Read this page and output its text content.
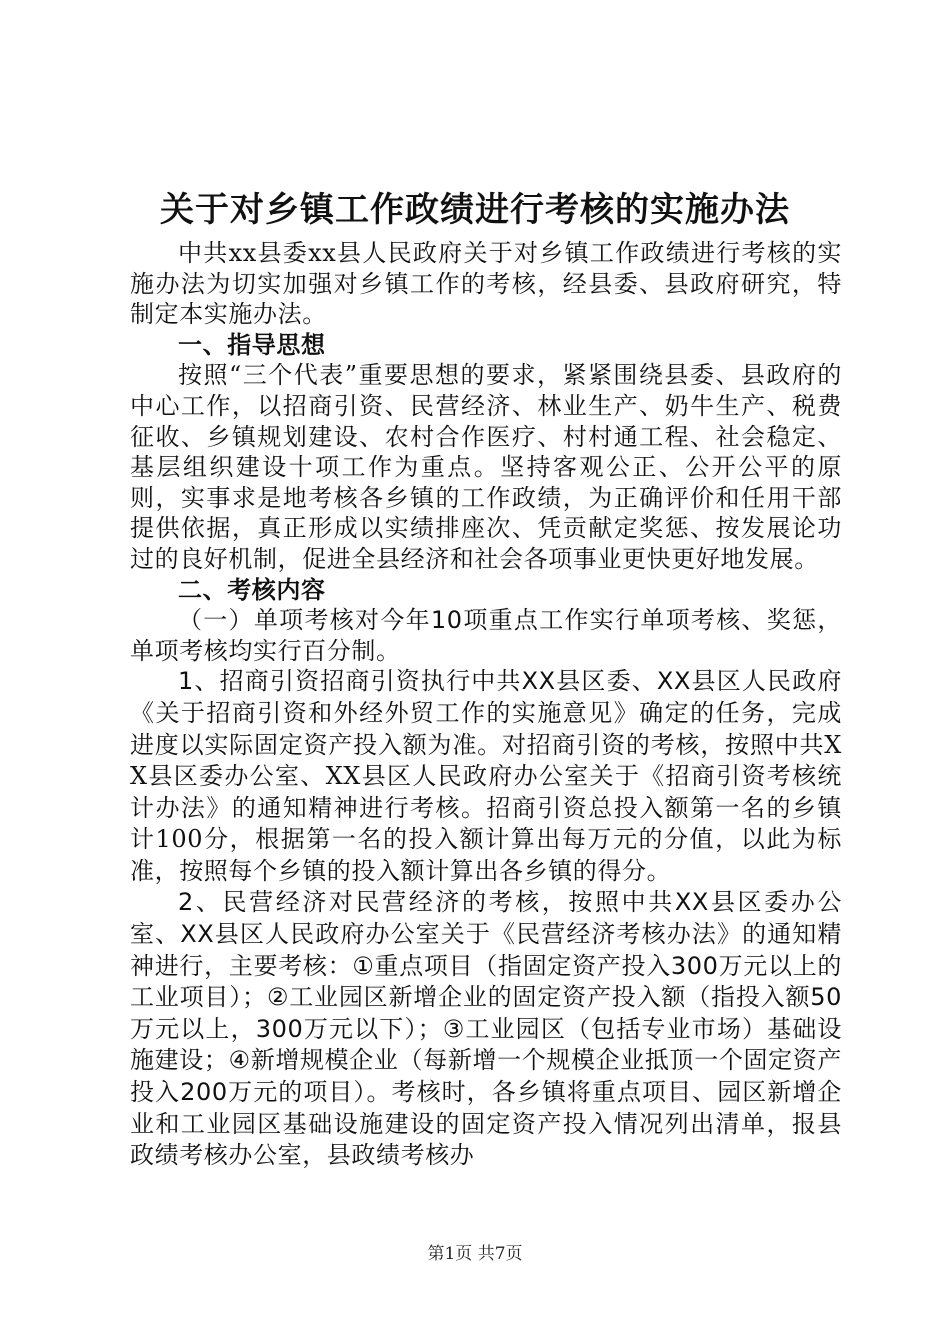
关于对乡镇工作政绩进行考核的实施办法

中共xx县委xx县人民政府关于对乡镇工作政绩进行考核的实施办法为切实加强对乡镇工作的考核，经县委、县政府研究，特制定本实施办法。

一、指导思想

按照“三个代表”重要思想的要求，紧紧围绕县委、县政府的中心工作，以招商引资、民营经济、林业生产、奶牛生产、税费征收、乡镇规划建设、农村合作医疗、村村通工程、社会稳定、基层组织建设十项工作为重点。坚持客观公正、公开公平的原则，实事求是地考核各乡镇的工作政绩，为正确评价和任用干部提供依据，真正形成以实绩排座次、凭贡献定奖惩、按发展论功过的良好机制，促进全县经济和社会各项事业更快更好地发展。

二、考核内容

（一）单项考核对今年10项重点工作实行单项考核、奖惩，单项考核均实行百分制。

1、招商引资招商引资执行中共XX县区委、XX县区人民政府《关于招商引资和外经外贸工作的实施意见》确定的任务，完成进度以实际固定资产投入额为准。对招商引资的考核，按照中共XX县区委办公室、XX县区人民政府办公室关于《招商引资考核统计办法》的通知精神进行考核。招商引资总投入额第一名的乡镇计100分，根据第一名的投入额计算出每万元的分值，以此为标准，按照每个乡镇的投入额计算出各乡镇的得分。

2、民营经济对民营经济的考核，按照中共XX县区委办公室、XX县区人民政府办公室关于《民营经济考核办法》的通知精神进行，主要考核：①重点项目（指固定资产投入300万元以上的工业项目）；②工业园区新增企业的固定资产投入额（指投入额50万元以上，300万元以下）；③工业园区（包括专业市场）基础设施建设；④新增规模企业（每新增一个规模企业抵顶一个固定资产投入200万元的项目）。考核时，各乡镇将重点项目、园区新增企业和工业园区基础设施建设的固定资产投入情况列出清单，报县政绩考核办公室，县政绩考核办

第1页 共7页
